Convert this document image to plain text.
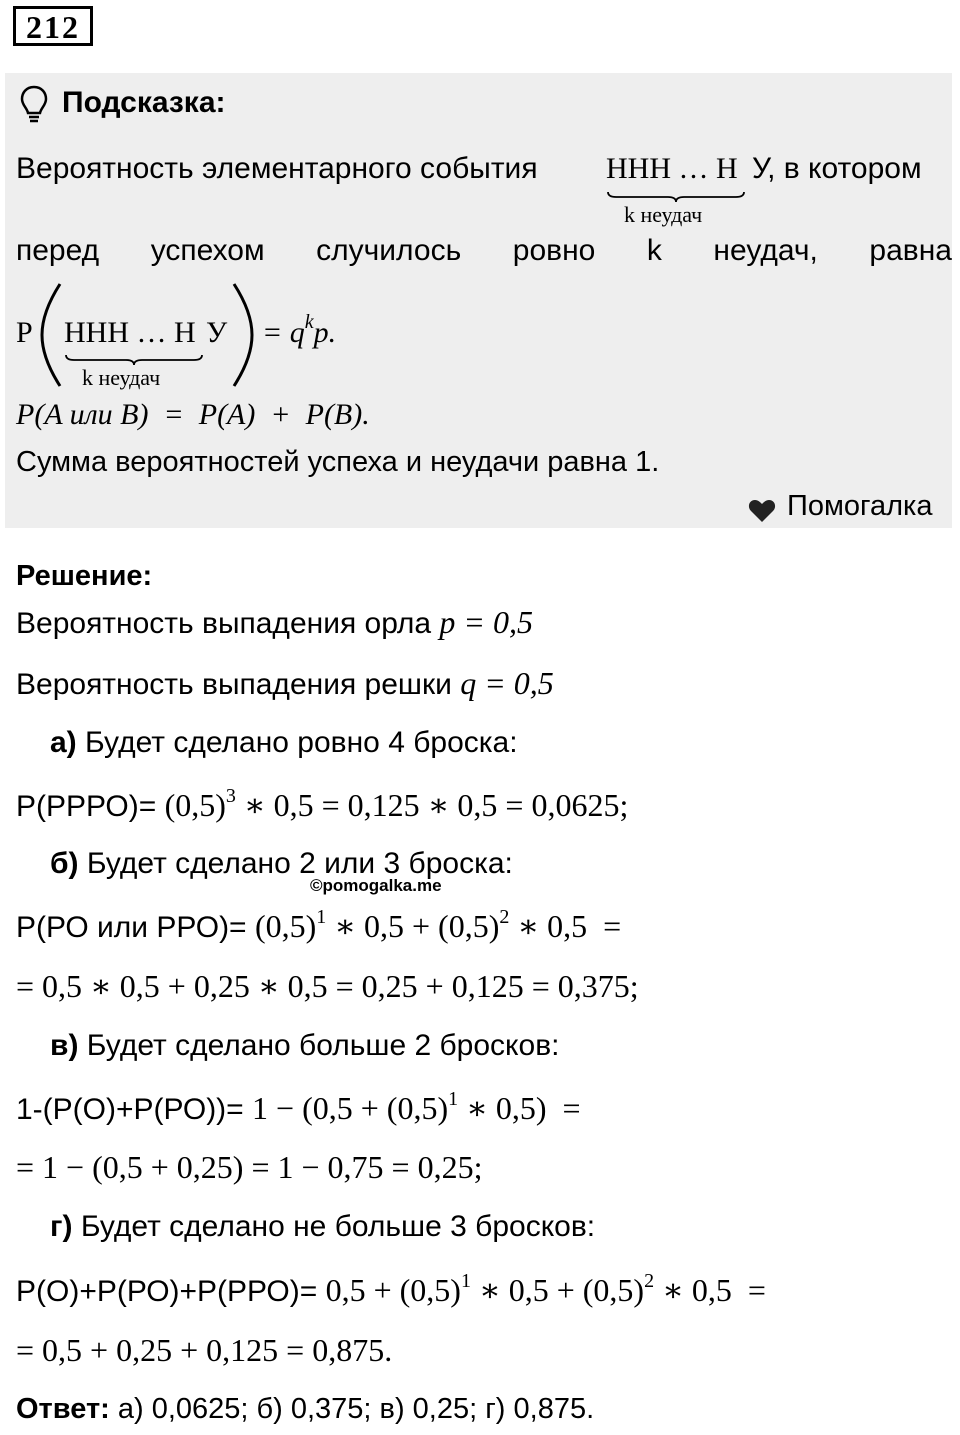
212
Подсказка:
Вероятность элементарного события ННН … Н
k неудач
У, в котором
перед успехом случилось ровно k неудач, равна
P ННН … Н
k неудач
$У = q^kp$.
P(A или B)  =  P(A)  +  P(B).
Сумма вероятностей успеха и неудачи равна 1.
Помогалка
Решение:
Вероятность выпадения орла p = 0,5
Вероятность выпадения решки q = 0,5
а) Будет сделано ровно 4 броска:
Р(РРРО)= $(0,5)^3$ ∗ 0,5 = 0,125 ∗ 0,5 = 0,0625;
б) Будет сделано 2 или 3 броска:
©pomogalka.me
Р(РО или $РРО)= (0,5)^1$ ∗ $0,5 + (0,5)^2$ ∗ 0,5  =
= 0,5 ∗ 0,5 + 0,25 ∗ 0,5 = 0,25 + 0,125 = 0,375;
в) Будет сделано больше 2 бросков:
$1-(Р(О)+Р(РО))= 1 - (0,5 + (0,5)^1$ ∗ 0,5)  =
= 1 − (0,5 + 0,25) = 1 − 0,75 = 0,25;
г) Будет сделано не больше 3 бросков:
$Р(О)+Р(РО)+Р(РРО)= 0,5 + (0,5)^1$ ∗ $0,5 + (0,5)^2$ ∗ 0,5  =
= 0,5 + 0,25 + 0,125 = 0,875.
Ответ: а) 0,0625; б) 0,375; в) 0,25; г) 0,875.
